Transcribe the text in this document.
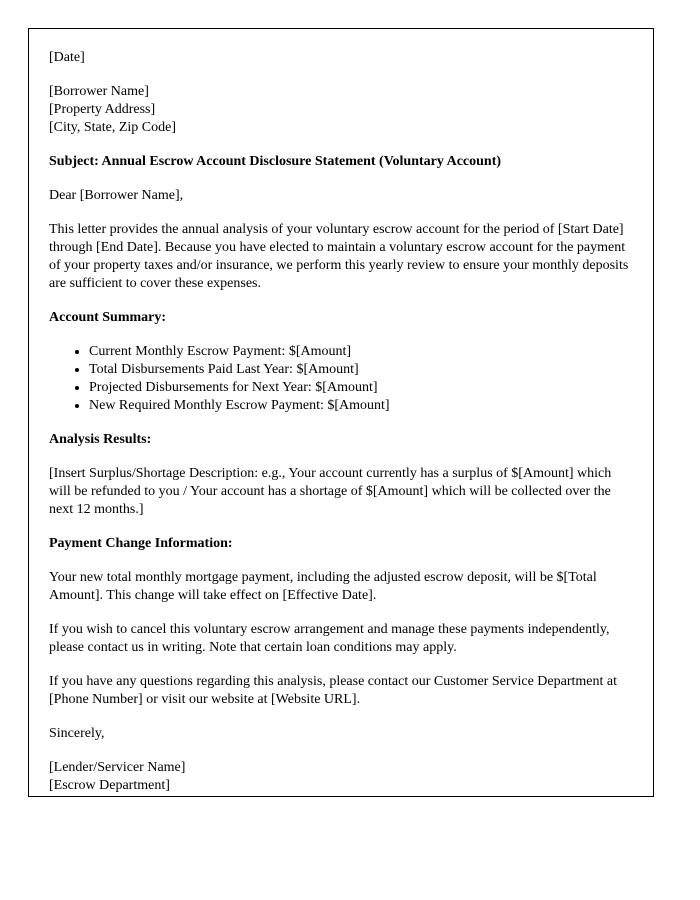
[Date]

[Borrower Name]

[Property Address]

[City, State, Zip Code]

Subject: Annual Escrow Account Disclosure Statement (Voluntary Account)

Dear [Borrower Name],

This letter provides the annual analysis of your voluntary escrow account for the period of [Start Date] through [End Date]. Because you have elected to maintain a voluntary escrow account for the payment of your property taxes and/or insurance, we perform this yearly review to ensure your monthly deposits are sufficient to cover these expenses.

Account Summary:

• Current Monthly Escrow Payment: $[Amount]
• Total Disbursements Paid Last Year: $[Amount]
• Projected Disbursements for Next Year: $[Amount]
• New Required Monthly Escrow Payment: $[Amount]

Analysis Results:

[Insert Surplus/Shortage Description: e.g., Your account currently has a surplus of $[Amount] which will be refunded to you / Your account has a shortage of $[Amount] which will be collected over the next 12 months.]

Payment Change Information:

Your new total monthly mortgage payment, including the adjusted escrow deposit, will be $[Total Amount]. This change will take effect on [Effective Date].

If you wish to cancel this voluntary escrow arrangement and manage these payments independently, please contact us in writing. Note that certain loan conditions may apply.

If you have any questions regarding this analysis, please contact our Customer Service Department at [Phone Number] or visit our website at [Website URL].

Sincerely,

[Lender/Servicer Name]

[Escrow Department]
